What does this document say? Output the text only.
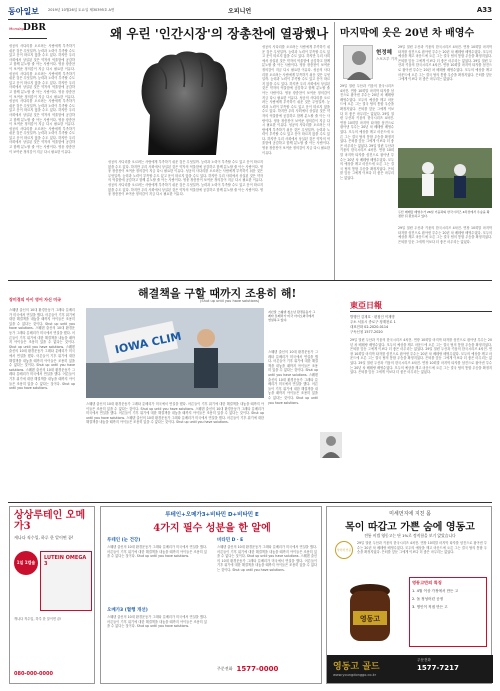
동아일보	2019년 10월26일 토요일 제30395호 A면	오피니언	A33
Monday DBR
성공의 사다리를 오르려는 사람에게 부족하기 쉬운 것은 무엇일까. 능력과 노력이 부족할 수도 있고 운이 따르지 않을 수도 있다. 하지만 우리 사회에서 상실된 것은 약자의 억울함에 공감하고 함께 분노할 줄 아는 사람이다. 영웅 장총찬이 보여준 정의감이 지금 다시 필요한 이유다. 성공의 사다리를 오르려는 사람에게 부족하기 쉬운 것은 무엇일까. 능력과 노력이 부족할 수도 있고 운이 따르지 않을 수도 있다. 하지만 우리 사회에서 상실된 것은 약자의 억울함에 공감하고 함께 분노할 줄 아는 사람이다. 영웅 장총찬이 보여준 정의감이 지금 다시 필요한 이유다. 성공의 사다리를 오르려는 사람에게 부족하기 쉬운 것은 무엇일까. 능력과 노력이 부족할 수도 있고 운이 따르지 않을 수도 있다. 하지만 우리 사회에서 상실된 것은 약자의 억울함에 공감하고 함께 분노할 줄 아는 사람이다. 영웅 장총찬이 보여준 정의감이 지금 다시 필요한 이유다. 성공의 사다리를 오르려는 사람에게 부족하기 쉬운 것은 무엇일까. 능력과 노력이 부족할 수도 있고 운이 따르지 않을 수도 있다. 하지만 우리 사회에서 상실된 것은 약자의 억울함에 공감하고 함께 분노할 줄 아는 사람이다. 영웅 장총찬이 보여준 정의감이 지금 다시 필요한 이유다.
왜 우린 '인간시장'의 장총찬에 열광했나
성공의 사다리를 오르려는 사람에게 부족하기 쉬운 것은 무엇일까. 능력과 노력이 부족할 수도 있고 운이 따르지 않을 수도 있다. 하지만 우리 사회에서 상실된 것은 약자의 억울함에 공감하고 함께 분노할 줄 아는 사람이다. 영웅 장총찬이 보여준 정의감이 지금 다시 필요한 이유다. 성공의 사다리를 오르려는 사람에게 부족하기 쉬운 것은 무엇일까. 능력과 노력이 부족할 수도 있고 운이 따르지 않을 수도 있다. 하지만 우리 사회에서 상실된 것은 약자의 억울함에 공감하고 함께 분노할 줄 아는 사람이다. 영웅 장총찬이 보여준 정의감이 지금 다시 필요한 이유다. 성공의 사다리를 오르려는 사람에게 부족하기 쉬운 것은 무엇일까. 능력과 노력이 부족할 수도 있고 운이 따르지 않을 수도 있다. 하지만 우리 사회에서 상실된 것은 약자의 억울함에 공감하고 함께 분노할 줄 아는 사람이다. 영웅 장총찬이 보여준 정의감이 지금 다시 필요한 이유다.
성공의 사다리를 오르려는 사람에게 부족하기 쉬운 것은 무엇일까. 능력과 노력이 부족할 수도 있고 운이 따르지 않을 수도 있다. 하지만 우리 사회에서 상실된 것은 약자의 억울함에 공감하고 함께 분노할 줄 아는 사람이다. 영웅 장총찬이 보여준 정의감이 지금 다시 필요한 이유다. 성공의 사다리를 오르려는 사람에게 부족하기 쉬운 것은 무엇일까. 능력과 노력이 부족할 수도 있고 운이 따르지 않을 수도 있다. 하지만 우리 사회에서 상실된 것은 약자의 억울함에 공감하고 함께 분노할 줄 아는 사람이다. 영웅 장총찬이 보여준 정의감이 지금 다시 필요한 이유다. 성공의 사다리를 오르려는 사람에게 부족하기 쉬운 것은 무엇일까. 능력과 노력이 부족할 수도 있고 운이 따르지 않을 수도 있다. 하지만 우리 사회에서 상실된 것은 약자의 억울함에 공감하고 함께 분노할 줄 아는 사람이다. 영웅 장총찬이 보여준 정의감이 지금 다시 필요한 이유다. 성공의 사다리를 오르려는 사람에게 부족하기 쉬운 것은 무엇일까. 능력과 노력이 부족할 수도 있고 운이 따르지 않을 수도 있다. 하지만 우리 사회에서 상실된 것은 약자의 억울함에 공감하고 함께 분노할 줄 아는 사람이다. 영웅 장총찬이 보여준 정의감이 지금 다시 필요한 이유다.
마지막에 웃은 20년 차 배영수
현정혜
스포츠부 기자
29일 열린 두산과 키움의 한국시리즈 4차전. 연장 10회말 마지막 타자를 삼진으로 잡아낸 투수는 20년 차 베테랑 배영수였다. 모두의 예상을 깨고 마운드에 오른 그는 결국 팀의 통합 우승을 확정지었다. 은퇴를 앞둔 그에게 이보다 더 좋은 마무리는 없었다. 29일 열린 두산과 키움의 한국시리즈 4차전. 연장 10회말 마지막 타자를 삼진으로 잡아낸 투수는 20년 차 베테랑 배영수였다. 모두의 예상을 깨고 마운드에 오른 그는 결국 팀의 통합 우승을 확정지었다. 은퇴를 앞둔 그에게 이보다 더 좋은 마무리는 없었다.
29일 열린 두산과 키움의 한국시리즈 4차전. 연장 10회말 마지막 타자를 삼진으로 잡아낸 투수는 20년 차 베테랑 배영수였다. 모두의 예상을 깨고 마운드에 오른 그는 결국 팀의 통합 우승을 확정지었다. 은퇴를 앞둔 그에게 이보다 더 좋은 마무리는 없었다. 29일 열린 두산과 키움의 한국시리즈 4차전. 연장 10회말 마지막 타자를 삼진으로 잡아낸 투수는 20년 차 베테랑 배영수였다. 모두의 예상을 깨고 마운드에 오른 그는 결국 팀의 통합 우승을 확정지었다. 은퇴를 앞둔 그에게 이보다 더 좋은 마무리는 없었다. 29일 열린 두산과 키움의 한국시리즈 4차전. 연장 10회말 마지막 타자를 삼진으로 잡아낸 투수는 20년 차 베테랑 배영수였다. 모두의 예상을 깨고 마운드에 오른 그는 결국 팀의 통합 우승을 확정지었다. 은퇴를 앞둔 그에게 이보다 더 좋은 마무리는 없었다.
두산 베테랑 배영수가 26일 키움과의 한국시리즈 4차전에서 우승을 확정한 뒤 환호하고 있다.
29일 열린 두산과 키움의 한국시리즈 4차전. 연장 10회말 마지막 타자를 삼진으로 잡아낸 투수는 20년 차 베테랑 배영수였다. 모두의 예상을 깨고 마운드에 오른 그는 결국 팀의 통합 우승을 확정지었다. 은퇴를 앞둔 그에게 이보다 더 좋은 마무리는 없었다.
장미경의 아이 영어 자신 미국	해결책을 구할 때까지 조용히 해!
(Shut up until you have solutions)
스웨덴 출신의 10대 환경운동가 그레타 툰베리가 미국에서 연설을 했다. 어른들이 기후 위기에 대한 해결책을 내놓을 때까지 아이들은 조용히 있을 수 없다는 것이다. Shut up until you have solutions. 스웨덴 출신의 10대 환경운동가 그레타 툰베리가 미국에서 연설을 했다. 어른들이 기후 위기에 대한 해결책을 내놓을 때까지 아이들은 조용히 있을 수 없다는 것이다. Shut up until you have solutions. 스웨덴 출신의 10대 환경운동가 그레타 툰베리가 미국에서 연설을 했다. 어른들이 기후 위기에 대한 해결책을 내놓을 때까지 아이들은 조용히 있을 수 없다는 것이다. Shut up until you have solutions. 스웨덴 출신의 10대 환경운동가 그레타 툰베리가 미국에서 연설을 했다. 어른들이 기후 위기에 대한 해결책을 내놓을 때까지 아이들은 조용히 있을 수 없다는 것이다. Shut up until you have solutions.
IOWA CLIM
지난달 스웨덴 청소년 환경운동가 그레타 툰베리가 미국 아이오와주에서 연설하고 있다.
스웨덴 출신의 10대 환경운동가 그레타 툰베리가 미국에서 연설을 했다. 어른들이 기후 위기에 대한 해결책을 내놓을 때까지 아이들은 조용히 있을 수 없다는 것이다. Shut up until you have solutions. 스웨덴 출신의 10대 환경운동가 그레타 툰베리가 미국에서 연설을 했다. 어른들이 기후 위기에 대한 해결책을 내놓을 때까지 아이들은 조용히 있을 수 없다는 것이다. Shut up until you have solutions. 스웨덴 출신의 10대 환경운동가 그레타 툰베리가 미국에서 연설을 했다. 어른들이 기후 위기에 대한 해결책을 내놓을 때까지 아이들은 조용히 있을 수 없다는 것이다. Shut up until you have solutions.
스웨덴 출신의 10대 환경운동가 그레타 툰베리가 미국에서 연설을 했다. 어른들이 기후 위기에 대한 해결책을 내놓을 때까지 아이들은 조용히 있을 수 없다는 것이다. Shut up until you have solutions. 스웨덴 출신의 10대 환경운동가 그레타 툰베리가 미국에서 연설을 했다. 어른들이 기후 위기에 대한 해결책을 내놓을 때까지 아이들은 조용히 있을 수 없다는 것이다. Shut up until you have solutions.
東亞日報
발행인 김재호 · 편집인 이재명
주소 서울시 종로구 청계천로 1
대표전화 02-2020-0114
구독신청 1577-2020
29일 열린 두산과 키움의 한국시리즈 4차전. 연장 10회말 마지막 타자를 삼진으로 잡아낸 투수는 20년 차 베테랑 배영수였다. 모두의 예상을 깨고 마운드에 오른 그는 결국 팀의 통합 우승을 확정지었다. 은퇴를 앞둔 그에게 이보다 더 좋은 마무리는 없었다. 29일 열린 두산과 키움의 한국시리즈 4차전. 연장 10회말 마지막 타자를 삼진으로 잡아낸 투수는 20년 차 베테랑 배영수였다. 모두의 예상을 깨고 마운드에 오른 그는 결국 팀의 통합 우승을 확정지었다. 은퇴를 앞둔 그에게 이보다 더 좋은 마무리는 없었다. 29일 열린 두산과 키움의 한국시리즈 4차전. 연장 10회말 마지막 타자를 삼진으로 잡아낸 투수는 20년 차 베테랑 배영수였다. 모두의 예상을 깨고 마운드에 오른 그는 결국 팀의 통합 우승을 확정지었다. 은퇴를 앞둔 그에게 이보다 더 좋은 마무리는 없었다.
상상루테인 오메가3
캐나다 직수입, 하루 한 알이면 끝!
1일 1캡슐
LUTEIN OMEGA 3
캐나다 직수입, 하루 한 알이면 끝!
080-000-0000
루테인+오메가3+비타민 D+비타민 E
4가지 필수 성분을 한 알에
루테인 (눈 건강)
스웨덴 출신의 10대 환경운동가 그레타 툰베리가 미국에서 연설을 했다. 어른들이 기후 위기에 대한 해결책을 내놓을 때까지 아이들은 조용히 있을 수 없다는 것이다. Shut up until you have solutions.
오메가3 (혈행 개선)
스웨덴 출신의 10대 환경운동가 그레타 툰베리가 미국에서 연설을 했다. 어른들이 기후 위기에 대한 해결책을 내놓을 때까지 아이들은 조용히 있을 수 없다는 것이다. Shut up until you have solutions.
비타민 D · E
스웨덴 출신의 10대 환경운동가 그레타 툰베리가 미국에서 연설을 했다. 어른들이 기후 위기에 대한 해결책을 내놓을 때까지 아이들은 조용히 있을 수 없다는 것이다. Shut up until you have solutions. 스웨덴 출신의 10대 환경운동가 그레타 툰베리가 미국에서 연설을 했다. 어른들이 기후 위기에 대한 해결책을 내놓을 때까지 아이들은 조용히 있을 수 없다는 것이다. Shut up until you have solutions.
주문전화 1577-0000
미세먼지에 지친 몸
목이 따갑고 가쁜 숨에 영동고
전통 비법 영동고는 단 1%로 정직함을 보기 앉았습니다
식약처 인증
29일 열린 두산과 키움의 한국시리즈 4차전. 연장 10회말 마지막 타자를 삼진으로 잡아낸 투수는 20년 차 베테랑 배영수였다. 모두의 예상을 깨고 마운드에 오른 그는 결국 팀의 통합 우승을 확정지었다. 은퇴를 앞둔 그에게 이보다 더 좋은 마무리는 없었다.
영동고
영동고만의 특징
1. 4월 이상 가정에서 만든 고
2. 돌 정성어린 공정
3. 명인이 직접 만든 고
영동고 골드
주문전화
1577-7217
www.youngdonggo.co.kr
